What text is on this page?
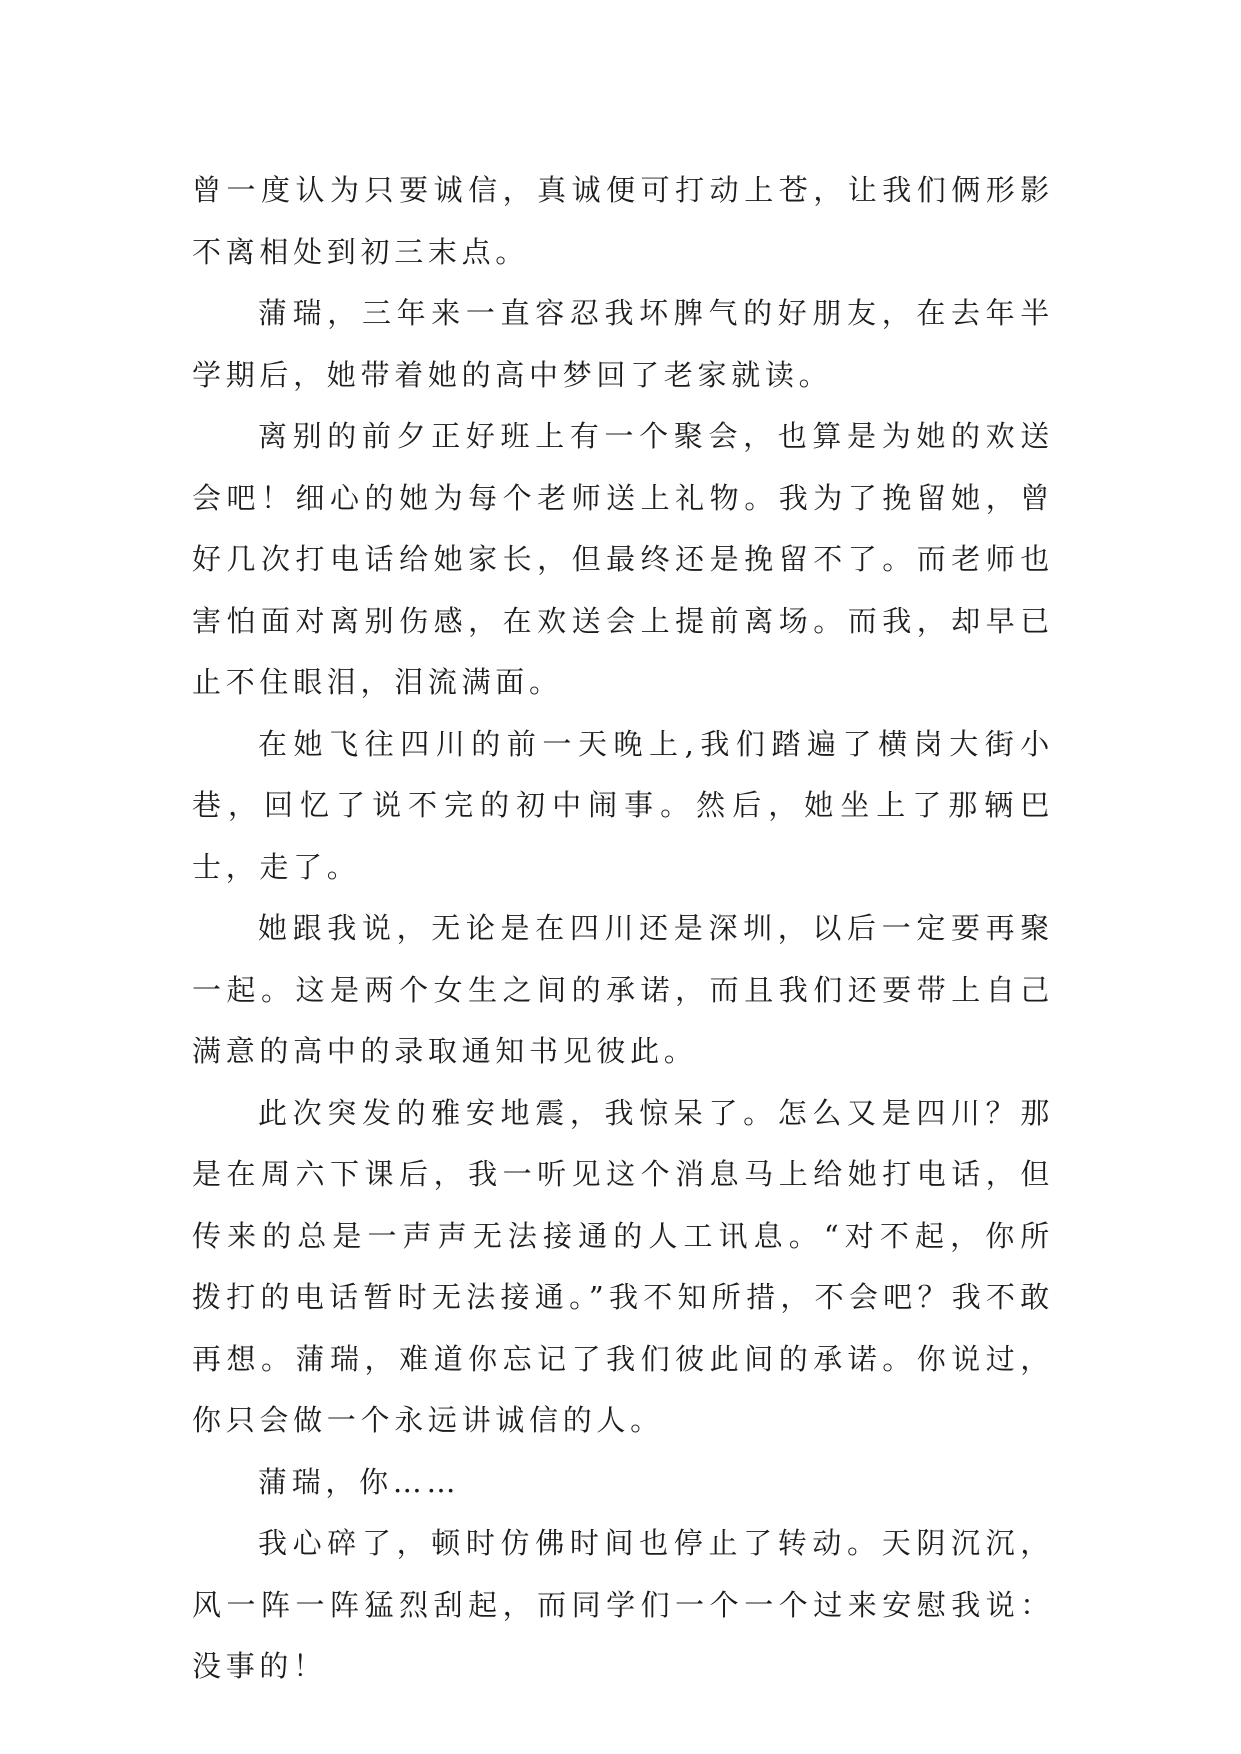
曾一度认为只要诚信，真诚便可打动上苍，让我们俩形影不离相处到初三末点。

蒲瑞，三年来一直容忍我坏脾气的好朋友，在去年半学期后，她带着她的高中梦回了老家就读。

离别的前夕正好班上有一个聚会，也算是为她的欢送会吧！细心的她为每个老师送上礼物。我为了挽留她，曾好几次打电话给她家长，但最终还是挽留不了。而老师也害怕面对离别伤感，在欢送会上提前离场。而我，却早已止不住眼泪，泪流满面。

在她飞往四川的前一天晚上,我们踏遍了横岗大街小巷，回忆了说不完的初中闹事。然后，她坐上了那辆巴士，走了。

她跟我说，无论是在四川还是深圳，以后一定要再聚一起。这是两个女生之间的承诺，而且我们还要带上自己满意的高中的录取通知书见彼此。

此次突发的雅安地震，我惊呆了。怎么又是四川？那是在周六下课后，我一听见这个消息马上给她打电话，但传来的总是一声声无法接通的人工讯息。“对不起，你所拨打的电话暂时无法接通。”我不知所措，不会吧？我不敢再想。蒲瑞，难道你忘记了我们彼此间的承诺。你说过，你只会做一个永远讲诚信的人。

蒲瑞，你……

我心碎了，顿时仿佛时间也停止了转动。天阴沉沉，风一阵一阵猛烈刮起，而同学们一个一个过来安慰我说：没事的！
